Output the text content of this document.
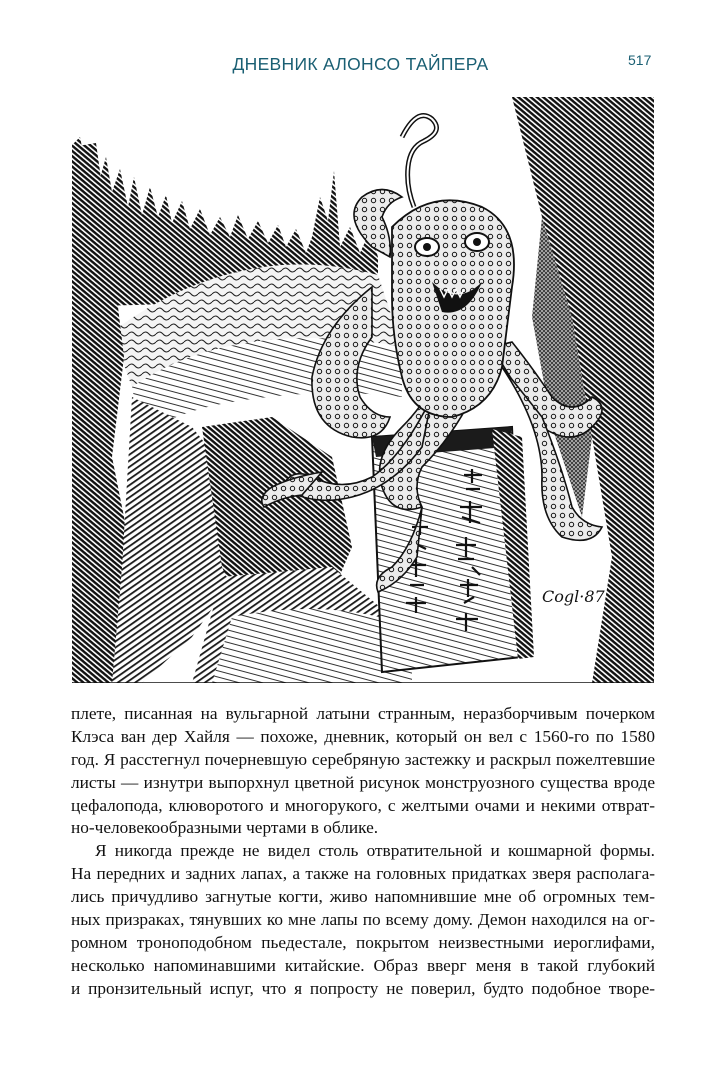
ДНЕВНИК АЛОНСО ТАЙПЕРА	517
Cogl·87
плете, писанная на вульгарной латыни странным, неразборчивым почерком
Клэса ван дер Хайля — похоже, дневник, который он вел с 1560-го по 1580
год. Я расстегнул почерневшую серебряную застежку и раскрыл пожелтевшие
листы — изнутри выпорхнул цветной рисунок монструозного существа вроде
цефалопода, клюворотого и многорукого, с желтыми очами и некими отврат-
но-человекообразными чертами в облике.
Я никогда прежде не видел столь отвратительной и кошмарной формы.
На передних и задних лапах, а также на головных придатках зверя располага-
лись причудливо загнутые когти, живо напомнившие мне об огромных тем-
ных призраках, тянувших ко мне лапы по всему дому. Демон находился на ог-
ромном троноподобном пьедестале, покрытом неизвестными иероглифами,
несколько напоминавшими китайские. Образ вверг меня в такой глубокий
и пронзительный испуг, что я попросту не поверил, будто подобное творе-
